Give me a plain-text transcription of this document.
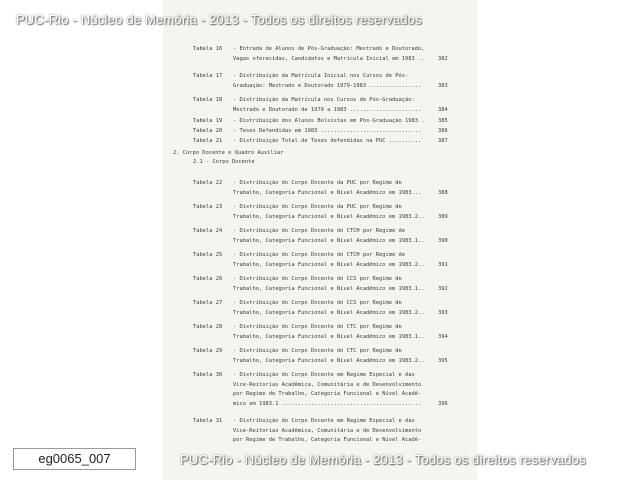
Tabela 16 - Entrada de Alunos de Pós-Graduação: Mestrado e Doutorado,
Vagas oferecidas, Candidatos e Matrícula Inicial em 1983 ..	382
Tabela 17 - Distribuição da Matrícula Inicial nos Cursos de Pós-
Graduação: Mestrado e Doutorado 1979-1983 ................	383
Tabela 18 - Distribuição da Matrícula nos Cursos de Pós-Graduação:
Mestrado e Doutorado de 1979 a 1983 ......................	384
Tabela 19 - Distribuição dos Alunos Bolsistas em Pós-Graduação 1983 .	385
Tabela 20 - Teses Defendidas em 1983 ...............................	386
Tabela 21 - Distribuição Total de Teses defendidas na PUC ..........	387
Tabela 22 - Distribuição do Corpo Docente da PUC por Regime de
Trabalho, Categoria Funcional e Nível Acadêmico em 1983...	388
Tabela 23 - Distribuição do Corpo Docente da PUC por Regime de
Trabalho, Categoria Funcional e Nível Acadêmico em 1983.2..	389
Tabela 24 - Distribuição do Corpo Docente do CTCH por Regime de
Trabalho, Categoria Funcional e Nível Acadêmico em 1983.1..	390
Tabela 25 - Distribuição do Corpo Docente do CTCH por Regime de
Trabalho, Categoria Funcional e Nível Acadêmico em 1983.2..	391
Tabela 26 - Distribuição do Corpo Docente do CCS por Regime de
Trabalho, Categoria Funcional e Nível Acadêmico em 1983.1..	392
Tabela 27 - Distribuição do Corpo Docente do CCS por Regime de
Trabalho, Categoria Funcional e Nível Acadêmico em 1983.2..	393
Tabela 28 - Distribuição do Corpo Docente do CTC por Regime de
Trabalho, Categoria Funcional e Nível Acadêmico em 1983.1..	394
Tabela 29 - Distribuição do Corpo Docente do CTC por Regime de
Trabalho, Categoria Funcional e Nível Acadêmico em 1983.2..	395
Tabela 30 - Distribuição do Corpo Docente em Regime Especial e das
Vice-Reitorias Acadêmica, Comunitária e de Desenvolvimento
por Regime de Trabalho, Categoria Funcional e Nível Acadê-
mico em 1983.1 ...........................................	396
Tabela 31 - Distribuição do Corpo Docente em Regime Especial e das
Vice-Reitorias Acadêmica, Comunitária e de Desenvolvimento
por Regime de Trabalho, Categoria Funcional e Nível Acadê-
2. Corpo Docente e Quadro Auxiliar
2.1 - Corpo Docente
PUC-Rio - Núcleo de Memória - 2013 - Todos os direitos reservados
PUC-Rio - Núcleo de Memória - 2013 - Todos os direitos reservados
eg0065_007
